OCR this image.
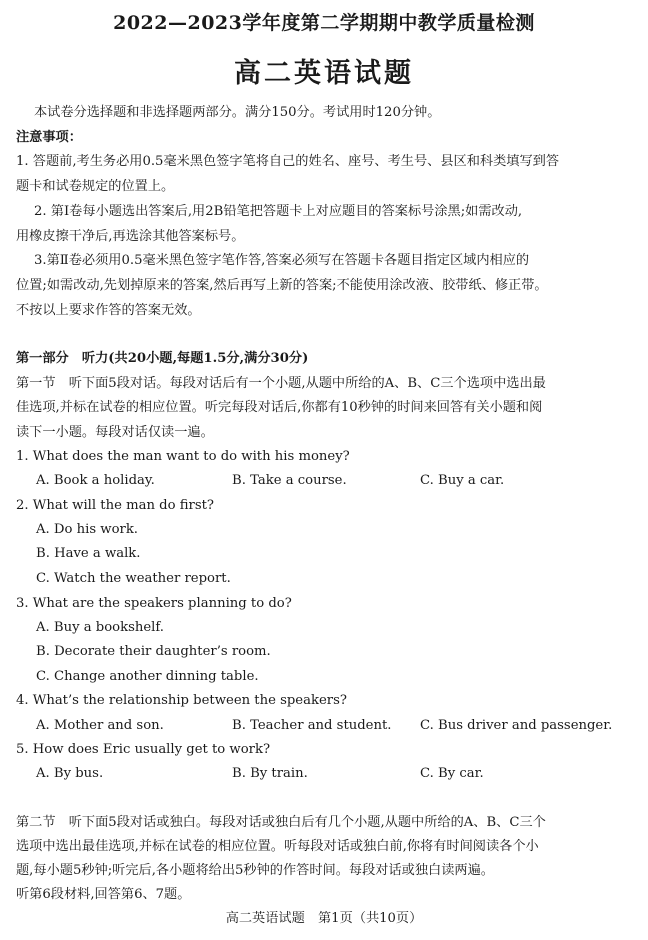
2022—2023学年度第二学期期中教学质量检测
高二英语试题
本试卷分选择题和非选择题两部分。满分150分。考试用时120分钟。
注意事项：
1. 答题前,考生务必用0.5毫米黑色签字笔将自己的姓名、座号、考生号、县区和科类填写到答
题卡和试卷规定的位置上。
2. 第Ⅰ卷每小题选出答案后,用2B铅笔把答题卡上对应题目的答案标号涂黑;如需改动,
用橡皮擦干净后,再选涂其他答案标号。
3.第Ⅱ卷必须用0.5毫米黑色签字笔作答,答案必须写在答题卡各题目指定区域内相应的
位置;如需改动,先划掉原来的答案,然后再写上新的答案;不能使用涂改液、胶带纸、修正带。
不按以上要求作答的答案无效。
第一部分　听力(共20小题,每题1.5分,满分30分)
第一节　听下面5段对话。每段对话后有一个小题,从题中所给的A、B、C三个选项中选出最
佳选项,并标在试卷的相应位置。听完每段对话后,你都有10秒钟的时间来回答有关小题和阅
读下一小题。每段对话仅读一遍。
1. What does the man want to do with his money?
A. Book a holiday.	B. Take a course.	C. Buy a car.
2. What will the man do first?
A. Do his work.
B. Have a walk.
C. Watch the weather report.
3. What are the speakers planning to do?
A. Buy a bookshelf.
B. Decorate their daughter’s room.
C. Change another dinning table.
4. What’s the relationship between the speakers?
A. Mother and son.	B. Teacher and student. C. Bus driver and passenger.
5. How does Eric usually get to work?
A. By bus.	B. By train.	C. By car.
第二节　听下面5段对话或独白。每段对话或独白后有几个小题,从题中所给的A、B、C三个
选项中选出最佳选项,并标在试卷的相应位置。听每段对话或独白前,你将有时间阅读各个小
题,每小题5秒钟;听完后,各小题将给出5秒钟的作答时间。每段对话或独白读两遍。
听第6段材料,回答第6、7题。
高二英语试题　第1页（共10页）
